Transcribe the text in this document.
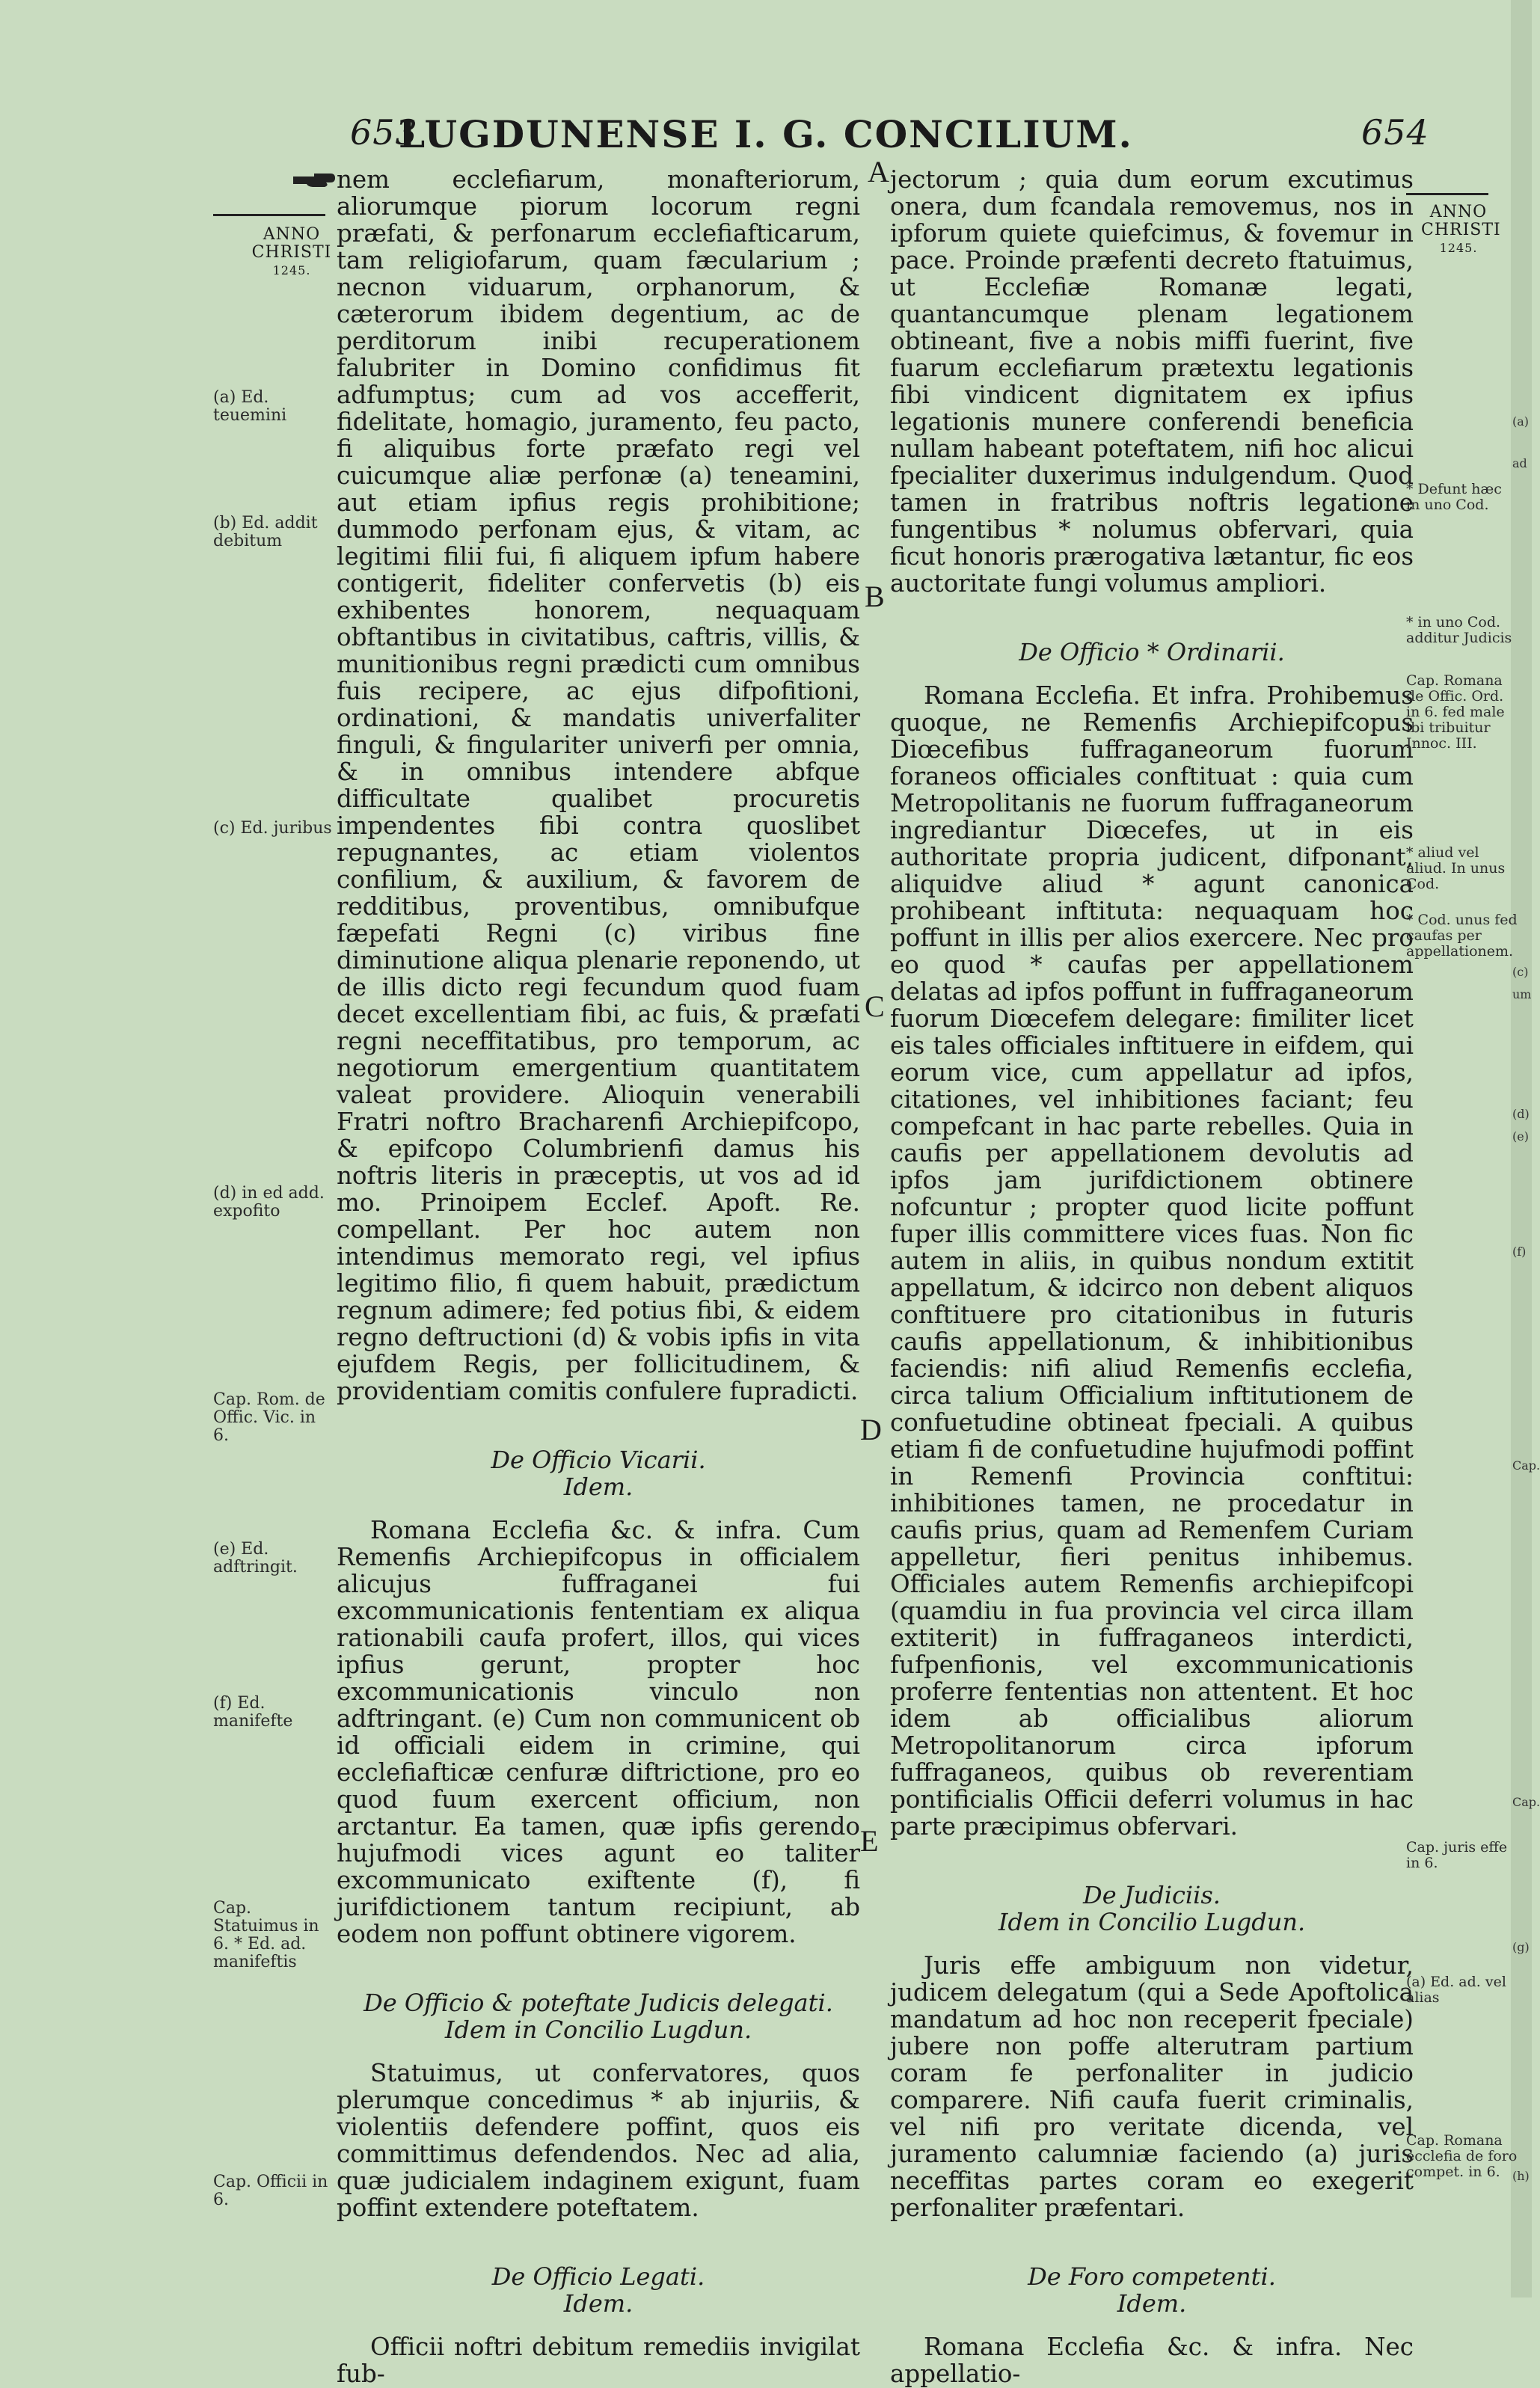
653
LUGDUNENSE I. G. CONCILIUM.	654
ANNO
CHRISTI
1245.
ANNO
CHRISTI
1245.
A
B
C
D
E

nem ecclefiarum, monafteriorum, aliorumque piorum locorum regni præfati, & perfonarum ecclefiafticarum, tam religiofarum, quam fæcularium ; necnon viduarum, orphanorum, & cæterorum ibidem degentium, ac de perditorum inibi recuperationem falubriter in Domino confidimus fit adfumptus; cum ad vos accefferit, fidelitate, homagio, juramento, feu pacto, fi aliquibus forte præfato regi vel cuicumque aliæ perfonæ (a) teneamini, aut etiam ipfius regis prohibitione; dummodo perfonam ejus, & vitam, ac legitimi filii fui, fi aliquem ipfum habere contigerit, fideliter confervetis (b) eis exhibentes honorem, nequaquam obftantibus in civitatibus, caftris, villis, & munitionibus regni prædicti cum omnibus fuis recipere, ac ejus difpofitioni, ordinationi, & mandatis univerfaliter finguli, & fingulariter univerfi per omnia, & in omnibus intendere abfque difficultate qualibet procuretis impendentes fibi contra quoslibet repugnantes, ac etiam violentos confilium, & auxilium, & favorem de redditibus, proventibus, omnibufque fæpefati Regni (c) viribus fine diminutione aliqua plenarie reponendo, ut de illis dicto regi fecundum quod fuam decet excellentiam fibi, ac fuis, & præfati regni neceffitatibus, pro temporum, ac negotiorum emergentium quantitatem valeat providere. Alioquin venerabili Fratri noftro Bracharenfi Archiepifcopo, & epifcopo Columbrienfi damus his noftris literis in præceptis, ut vos ad id mo. Prinoipem Ecclef. Apoft. Re. compellant. Per hoc autem non intendimus memorato regi, vel ipfius legitimo filio, fi quem habuit, prædictum regnum adimere; fed potius fibi, & eidem regno deftructioni (d) & vobis ipfis in vita ejufdem Regis, per follicitudinem, & providentiam comitis confulere fupradicti.

De Officio Vicarii.
Idem.

Romana Ecclefia &c. & infra. Cum Remenfis Archiepifcopus in officialem alicujus fuffraganei fui excommunicationis fententiam ex aliqua rationabili caufa profert, illos, qui vices ipfius gerunt, propter hoc excommunicationis vinculo non adftringant. (e) Cum non communicent ob id officiali eidem in crimine, qui ecclefiafticæ cenfuræ diftrictione, pro eo quod fuum exercent officium, non arctantur. Ea tamen, quæ ipfis gerendo hujufmodi vices agunt eo taliter excommunicato exiftente (f), fi jurifdictionem tantum recipiunt, ab eodem non poffunt obtinere vigorem.

De Officio & poteftate Judicis delegati.
Idem in Concilio Lugdun.

Statuimus, ut confervatores, quos plerumque concedimus * ab injuriis, & violentiis defendere poffint, quos eis committimus defendendos. Nec ad alia, quæ judicialem indaginem exigunt, fuam poffint extendere poteftatem.

De Officio Legati.
Idem.

Officii noftri debitum remediis invigilat fub-

jectorum ; quia dum eorum excutimus onera, dum fcandala removemus, nos in ipforum quiete quiefcimus, & fovemur in pace. Proinde præfenti decreto ftatuimus, ut Ecclefiæ Romanæ legati, quantancumque plenam legationem obtineant, five a nobis miffi fuerint, five fuarum ecclefiarum prætextu legationis fibi vindicent dignitatem ex ipfius legationis munere conferendi beneficia nullam habeant poteftatem, nifi hoc alicui fpecialiter duxerimus indulgendum. Quod tamen in fratribus noftris legatione fungentibus * nolumus obfervari, quia ficut honoris prærogativa lætantur, fic eos auctoritate fungi volumus ampliori.

De Officio * Ordinarii.

Romana Ecclefia. Et infra. Prohibemus quoque, ne Remenfis Archiepifcopus Diœcefibus fuffraganeorum fuorum foraneos officiales conftituat : quia cum Metropolitanis ne fuorum fuffraganeorum ingrediantur Diœcefes, ut in eis authoritate propria judicent, difponant, aliquidve aliud * agunt canonica prohibeant inftituta: nequaquam hoc poffunt in illis per alios exercere. Nec pro eo quod * caufas per appellationem delatas ad ipfos poffunt in fuffraganeorum fuorum Diœcefem delegare: fimiliter licet eis tales officiales inftituere in eifdem, qui eorum vice, cum appellatur ad ipfos, citationes, vel inhibitiones faciant; feu compefcant in hac parte rebelles. Quia in caufis per appellationem devolutis ad ipfos jam jurifdictionem obtinere nofcuntur ; propter quod licite poffunt fuper illis committere vices fuas. Non fic autem in aliis, in quibus nondum extitit appellatum, & idcirco non debent aliquos conftituere pro citationibus in futuris caufis appellationum, & inhibitionibus faciendis: nifi aliud Remenfis ecclefia, circa talium Officialium inftitutionem de confuetudine obtineat fpeciali. A quibus etiam fi de confuetudine hujufmodi poffint in Remenfi Provincia conftitui: inhibitiones tamen, ne procedatur in caufis prius, quam ad Remenfem Curiam appelletur, fieri penitus inhibemus. Officiales autem Remenfis archiepifcopi (quamdiu in fua provincia vel circa illam extiterit) in fuffraganeos interdicti, fufpenfionis, vel excommunicationis proferre fententias non attentent. Et hoc idem ab officialibus aliorum Metropolitanorum circa ipforum fuffraganeos, quibus ob reverentiam pontificialis Officii deferri volumus in hac parte præcipimus obfervari.

De Judiciis.
Idem in Concilio Lugdun.

Juris effe ambiguum non videtur, judicem delegatum (qui a Sede Apoftolica mandatum ad hoc non receperit fpeciale) jubere non poffe alterutram partium coram fe perfonaliter in judicio comparere. Nifi caufa fuerit criminalis, vel nifi pro veritate dicenda, vel juramento calumniæ faciendo (a) juris neceffitas partes coram eo exegerit perfonaliter præfentari.

De Foro competenti.
Idem.

Romana Ecclefia &c. & infra. Nec appellatio-

(a) Ed. teuemini
(b) Ed. addit debitum
(c) Ed. juribus
(d) in ed add. expofito
Cap. Rom. de Offic. Vic. in 6.
(e) Ed. adftringit.
(f) Ed. manifefte
Cap. Statuimus in 6. * Ed. ad. manifeftis
Cap. Officii in 6.
* Defunt hæc in uno Cod.
* in uno Cod. additur Judicis
Cap. Romana de Offic. Ord. in 6. fed male ibi tribuitur Innoc. III.
* aliud vel aliud. In unus Cod.
* Cod. unus fed caufas per appellationem.
Cap. juris effe in 6.
(a) Ed. ad. vel alias
Cap. Romana ecclefia de foro compet. in 6.
(a)
ad
(c)
um
(d)
(e)
(f)
Cap.
Cap.
(g)
(h)
